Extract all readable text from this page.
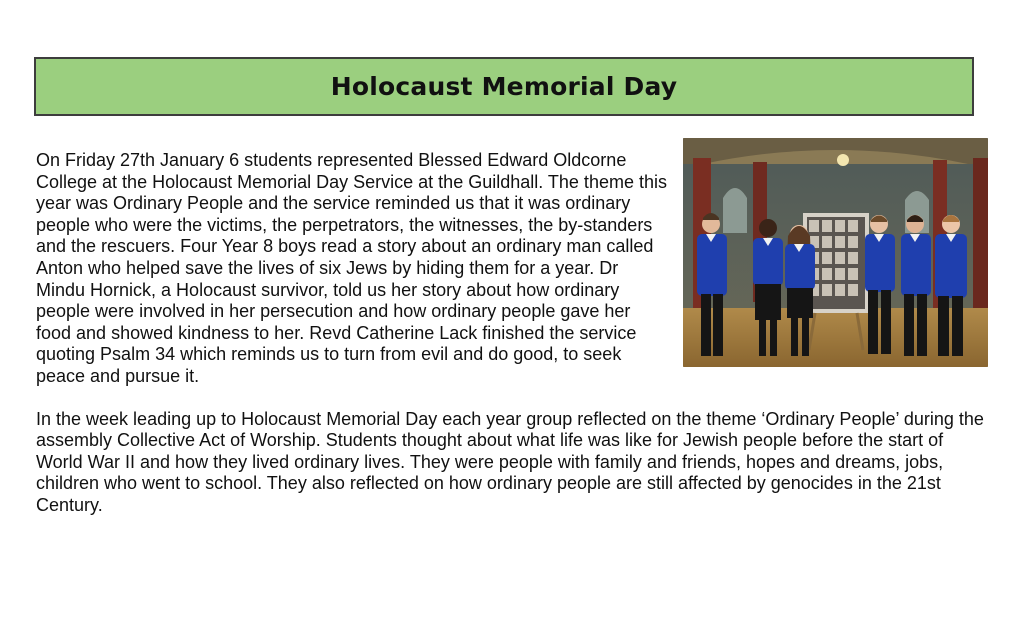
Holocaust Memorial Day

On Friday 27th January 6 students represented Blessed Edward Oldcorne College at the Holocaust Memorial Day Service at the Guildhall. The theme this year was Ordinary People and the service reminded us that it was ordinary people who were the victims, the perpetrators, the witnesses, the by-standers and the rescuers. Four Year 8 boys read a story about an ordinary man called Anton who helped save the lives of six Jews by hiding them for a year. Dr Mindu Hornick, a Holocaust survivor, told us her story about how ordinary people were involved in her persecution and how ordinary people gave her food and showed kindness to her. Revd Catherine Lack finished the service quoting Psalm 34 which reminds us to turn from evil and do good, to seek peace and pursue it.

In the week leading up to Holocaust Memorial Day each year group reflected on the theme ‘Ordinary People’ during the assembly Collective Act of Worship. Students thought about what life was like for Jewish people before the start of World War II and how they lived ordinary lives. They were people with family and friends, hopes and dreams, jobs, children who went to school. They also reflected on how ordinary people are still affected by genocides in the 21st Century.
